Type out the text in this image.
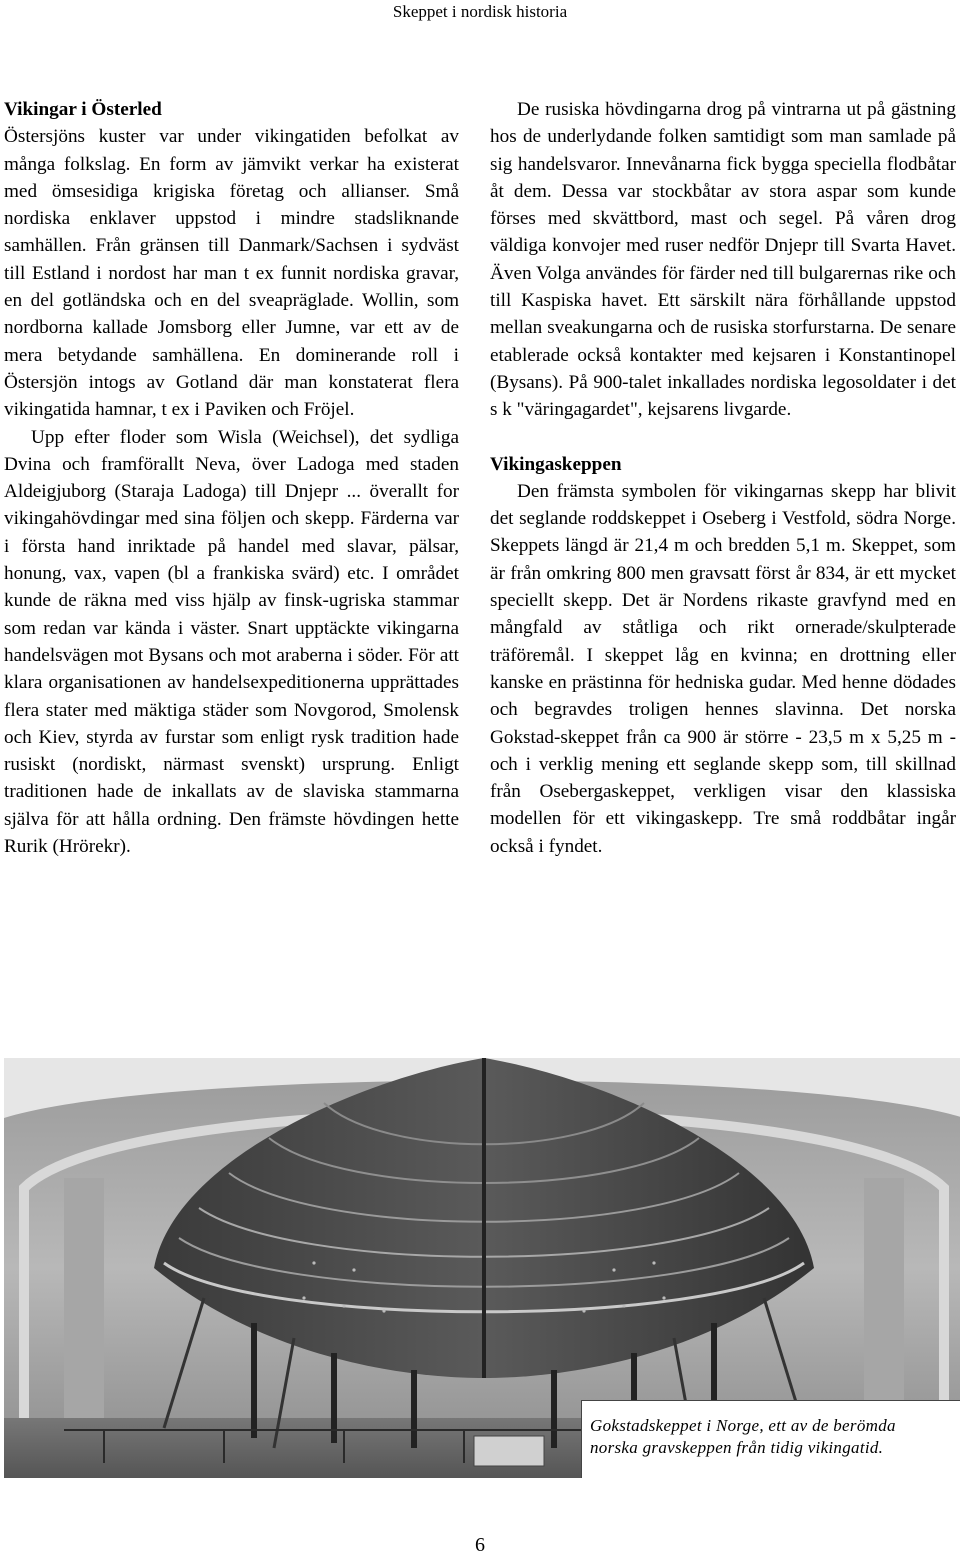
Skeppet i nordisk historia
Vikingar i Österled

Östersjöns kuster var under vikingatiden befolkat av många folkslag. En form av jämvikt verkar ha existerat med ömsesidiga krigiska företag och allianser. Små nordiska enklaver uppstod i mindre stadsliknande samhällen. Från gränsen till Danmark/Sachsen i sydväst till Estland i nordost har man t ex funnit nordiska gravar, en del gotländska och en del sveapräglade. Wollin, som nordborna kallade Jomsborg eller Jumne, var ett av de mera betydande samhällena. En dominerande roll i Östersjön intogs av Gotland där man konstaterat flera vikingatida hamnar, t ex i Paviken och Fröjel.

Upp efter floder som Wisla (Weichsel), det sydliga Dvina och framförallt Neva, över Ladoga med staden Aldeigjuborg (Staraja Ladoga) till Dnjepr ... överallt for vikingahövdingar med sina följen och skepp. Färderna var i första hand inriktade på handel med slavar, pälsar, honung, vax, vapen (bl a frankiska svärd) etc. I området kunde de räkna med viss hjälp av finsk-ugriska stammar som redan var kända i väster. Snart upptäckte vikingarna handelsvägen mot Bysans och mot araberna i söder. För att klara organisationen av handelsexpeditionerna upprättades flera stater med mäktiga städer som Novgorod, Smolensk och Kiev, styrda av furstar som enligt rysk tradition hade rusiskt (nordiskt, närmast svenskt) ursprung. Enligt traditionen hade de inkallats av de slaviska stammarna själva för att hålla ordning. Den främste hövdingen hette Rurik (Hrörekr).

De rusiska hövdingarna drog på vintrarna ut på gästning hos de underlydande folken samtidigt som man samlade på sig handelsvaror. Innevånarna fick bygga speciella flodbåtar åt dem. Dessa var stockbåtar av stora aspar som kunde förses med skvättbord, mast och segel. På våren drog väldiga konvojer med ruser nedför Dnjepr till Svarta Havet. Även Volga användes för färder ned till bulgarernas rike och till Kaspiska havet. Ett särskilt nära förhållande uppstod mellan sveakungarna och de rusiska storfurstarna. De senare etablerade också kontakter med kejsaren i Konstantinopel (Bysans). På 900-talet inkallades nordiska legosoldater i det s k "väringagardet", kejsarens livgarde.

Vikingaskeppen

Den främsta symbolen för vikingarnas skepp har blivit det seglande roddskeppet i Oseberg i Vestfold, södra Norge. Skeppets längd är 21,4 m och bredden 5,1 m. Skeppet, som är från omkring 800 men gravsatt först år 834, är ett mycket speciellt skepp. Det är Nordens rikaste gravfynd med en mångfald av ståtliga och rikt ornerade/skulpterade träföremål. I skeppet låg en kvinna; en drottning eller kanske en prästinna för hedniska gudar. Med henne dödades och begravdes troligen hennes slavinna. Det norska Gokstad-skeppet från ca 900 är större - 23,5 m x 5,25 m - och i verklig mening ett seglande skepp som, till skillnad från Osebergaskeppet, verkligen visar den klassiska modellen för ett vikingaskepp. Tre små roddbåtar ingår också i fyndet.

Gokstadskeppet i Norge, ett av de berömda
norska gravskeppen från tidig vikingatid.
6
